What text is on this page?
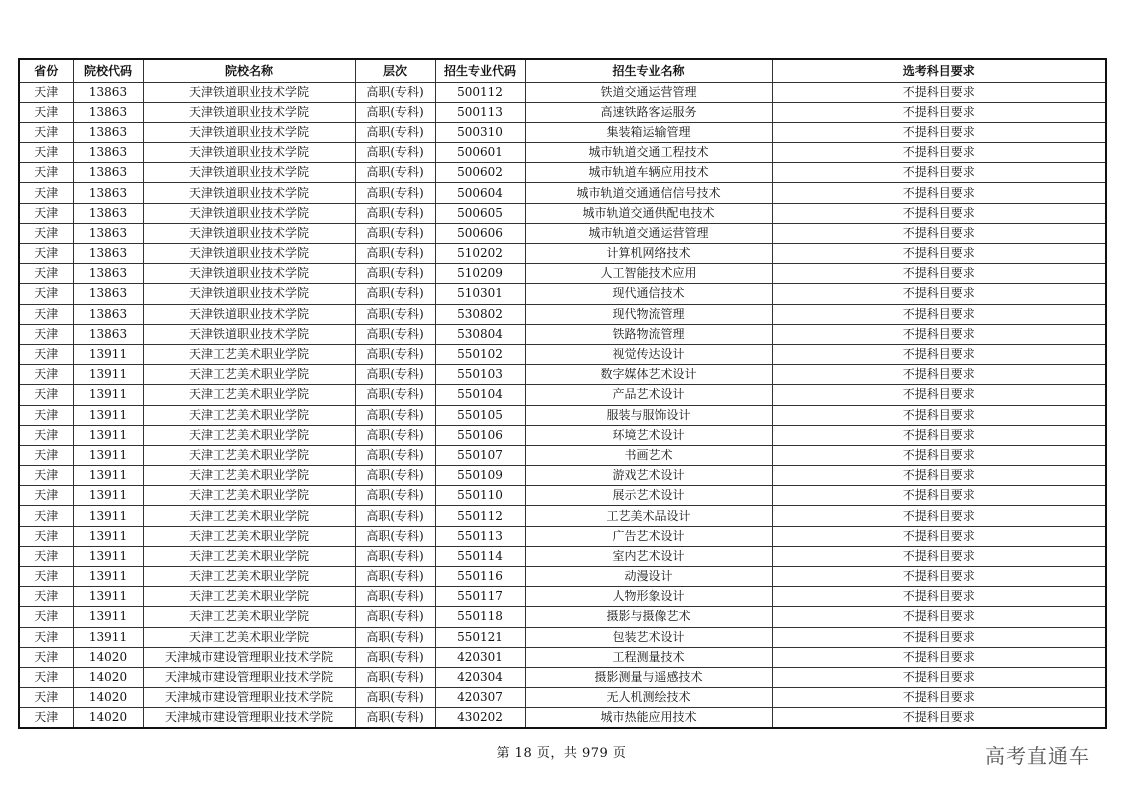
省份	院校代码	院校名称	层次	招生专业代码	招生专业名称	选考科目要求
天津	13863	天津铁道职业技术学院	高职(专科)	500112	铁道交通运营管理	不提科目要求
天津	13863	天津铁道职业技术学院	高职(专科)	500113	高速铁路客运服务	不提科目要求
天津	13863	天津铁道职业技术学院	高职(专科)	500310	集装箱运输管理	不提科目要求
天津	13863	天津铁道职业技术学院	高职(专科)	500601	城市轨道交通工程技术	不提科目要求
天津	13863	天津铁道职业技术学院	高职(专科)	500602	城市轨道车辆应用技术	不提科目要求
天津	13863	天津铁道职业技术学院	高职(专科)	500604	城市轨道交通通信信号技术	不提科目要求
天津	13863	天津铁道职业技术学院	高职(专科)	500605	城市轨道交通供配电技术	不提科目要求
天津	13863	天津铁道职业技术学院	高职(专科)	500606	城市轨道交通运营管理	不提科目要求
天津	13863	天津铁道职业技术学院	高职(专科)	510202	计算机网络技术	不提科目要求
天津	13863	天津铁道职业技术学院	高职(专科)	510209	人工智能技术应用	不提科目要求
天津	13863	天津铁道职业技术学院	高职(专科)	510301	现代通信技术	不提科目要求
天津	13863	天津铁道职业技术学院	高职(专科)	530802	现代物流管理	不提科目要求
天津	13863	天津铁道职业技术学院	高职(专科)	530804	铁路物流管理	不提科目要求
天津	13911	天津工艺美术职业学院	高职(专科)	550102	视觉传达设计	不提科目要求
天津	13911	天津工艺美术职业学院	高职(专科)	550103	数字媒体艺术设计	不提科目要求
天津	13911	天津工艺美术职业学院	高职(专科)	550104	产品艺术设计	不提科目要求
天津	13911	天津工艺美术职业学院	高职(专科)	550105	服装与服饰设计	不提科目要求
天津	13911	天津工艺美术职业学院	高职(专科)	550106	环境艺术设计	不提科目要求
天津	13911	天津工艺美术职业学院	高职(专科)	550107	书画艺术	不提科目要求
天津	13911	天津工艺美术职业学院	高职(专科)	550109	游戏艺术设计	不提科目要求
天津	13911	天津工艺美术职业学院	高职(专科)	550110	展示艺术设计	不提科目要求
天津	13911	天津工艺美术职业学院	高职(专科)	550112	工艺美术品设计	不提科目要求
天津	13911	天津工艺美术职业学院	高职(专科)	550113	广告艺术设计	不提科目要求
天津	13911	天津工艺美术职业学院	高职(专科)	550114	室内艺术设计	不提科目要求
天津	13911	天津工艺美术职业学院	高职(专科)	550116	动漫设计	不提科目要求
天津	13911	天津工艺美术职业学院	高职(专科)	550117	人物形象设计	不提科目要求
天津	13911	天津工艺美术职业学院	高职(专科)	550118	摄影与摄像艺术	不提科目要求
天津	13911	天津工艺美术职业学院	高职(专科)	550121	包装艺术设计	不提科目要求
天津	14020	天津城市建设管理职业技术学院	高职(专科)	420301	工程测量技术	不提科目要求
天津	14020	天津城市建设管理职业技术学院	高职(专科)	420304	摄影测量与遥感技术	不提科目要求
天津	14020	天津城市建设管理职业技术学院	高职(专科)	420307	无人机测绘技术	不提科目要求
天津	14020	天津城市建设管理职业技术学院	高职(专科)	430202	城市热能应用技术	不提科目要求
第 18 页，共 979 页	高考直通车
